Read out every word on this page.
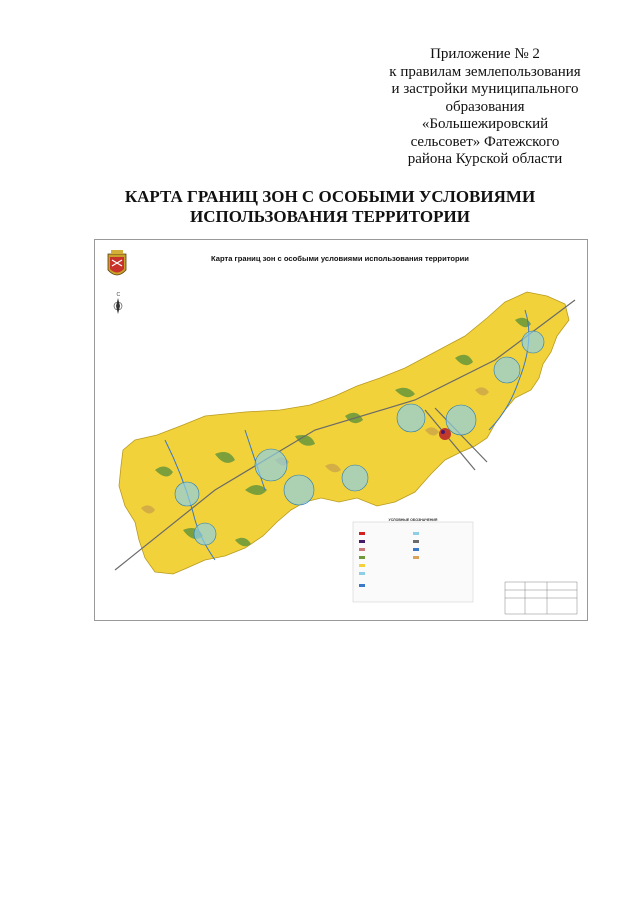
Приложение № 2
к правилам землепользования
и застройки муниципального
образования
«Большежировский
сельсовет» Фатежского
района Курской области
КАРТА ГРАНИЦ ЗОН С ОСОБЫМИ УСЛОВИЯМИ
ИСПОЛЬЗОВАНИЯ ТЕРРИТОРИИ
С
Карта границ зон с особыми условиями использования территории
УСЛОВНЫЕ ОБОЗНАЧЕНИЯ
